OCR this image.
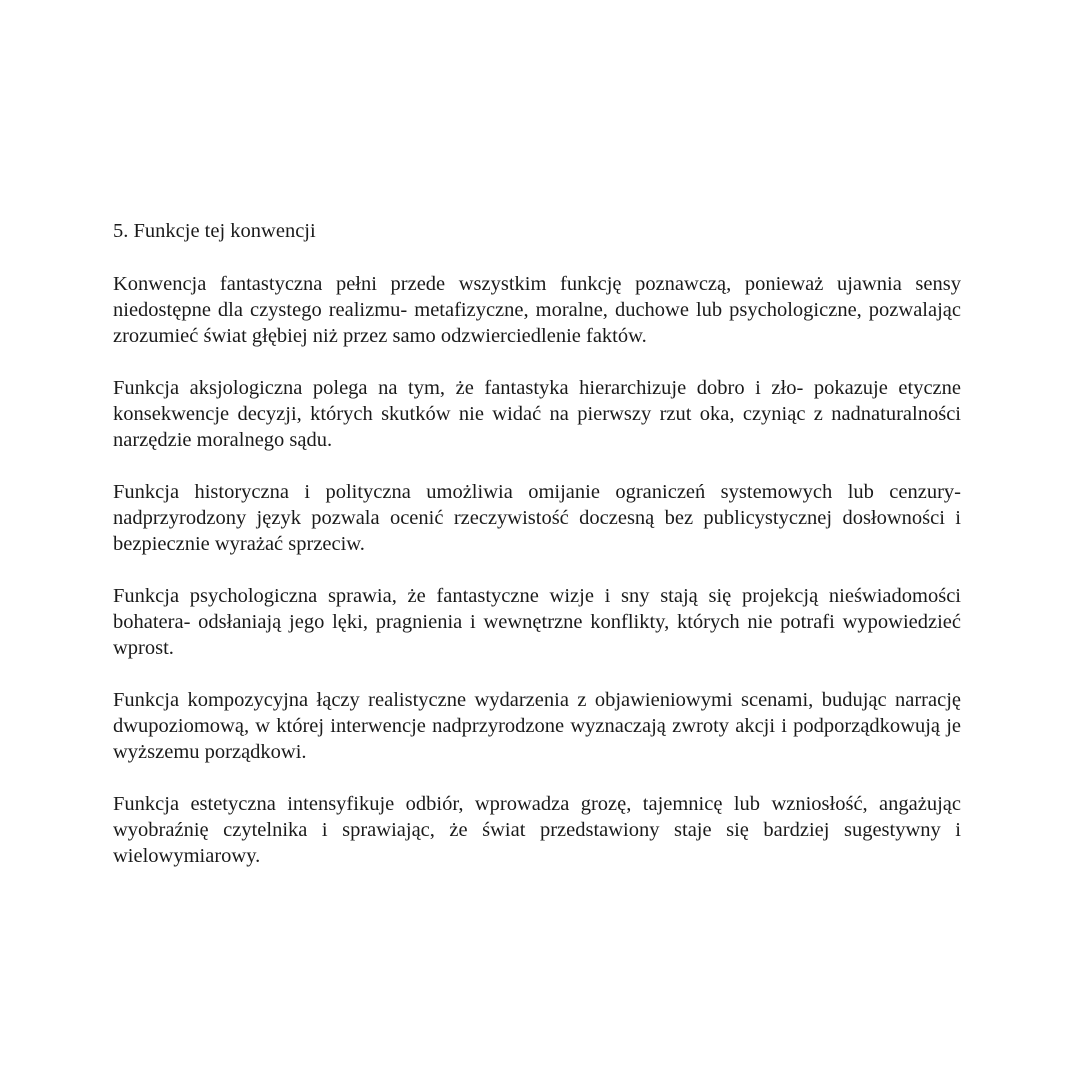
5. Funkcje tej konwencji

Konwencja fantastyczna pełni przede wszystkim funkcję poznawczą, ponieważ ujawnia sensy niedostępne dla czystego realizmu- metafizyczne, moralne, duchowe lub psychologiczne, pozwalając zrozumieć świat głębiej niż przez samo odzwierciedlenie faktów.

Funkcja aksjologiczna polega na tym, że fantastyka hierarchizuje dobro i zło- pokazuje etyczne konsekwencje decyzji, których skutków nie widać na pierwszy rzut oka, czyniąc z nadnaturalności narzędzie moralnego sądu.

Funkcja historyczna i polityczna umożliwia omijanie ograniczeń systemowych lub cenzury- nadprzyrodzony język pozwala ocenić rzeczywistość doczesną bez publicystycznej dosłowności i bezpiecznie wyrażać sprzeciw.

Funkcja psychologiczna sprawia, że fantastyczne wizje i sny stają się projekcją nieświadomości bohatera- odsłaniają jego lęki, pragnienia i wewnętrzne konflikty, których nie potrafi wypowiedzieć wprost.

Funkcja kompozycyjna łączy realistyczne wydarzenia z objawieniowymi scenami, budując narrację dwupoziomową, w której interwencje nadprzyrodzone wyznaczają zwroty akcji i podporządkowują je wyższemu porządkowi.

Funkcja estetyczna intensyfikuje odbiór, wprowadza grozę, tajemnicę lub wzniosłość, angażując wyobraźnię czytelnika i sprawiając, że świat przedstawiony staje się bardziej sugestywny i wielowymiarowy.
